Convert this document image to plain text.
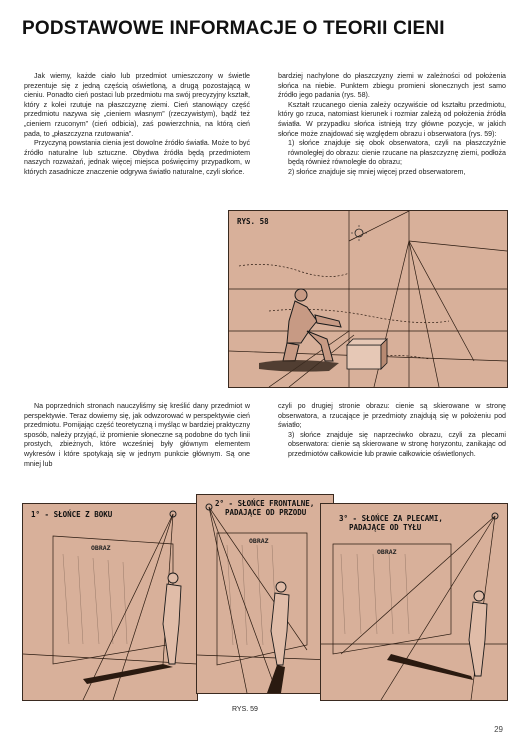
PODSTAWOWE INFORMACJE O TEORII CIENI

Jak wiemy, każde ciało lub przedmiot umieszczony w świetle prezentuje się z jedną częścią oświetloną, a drugą pozostającą w cieniu. Ponadto cień postaci lub przedmiotu ma swój precyzyjny kształt, który z kolei rzutuje na płaszczyznę ziemi. Cień stanowiący część przedmiotu nazywa się „cieniem własnym” (rzeczywistym), bądź też „cieniem rzuconym” (cień odbicia), zaś powierzchnia, na którą cień pada, to „płaszczyzna rzutowania”.

Przyczyną powstania cienia jest dowolne źródło światła. Może to być źródło naturalne lub sztuczne. Obydwa źródła będą przedmiotem naszych rozważań, jednak więcej miejsca poświęcimy przypadkom, w których zasadnicze znaczenie odgrywa światło naturalne, czyli słońce.

bardziej nachylone do płaszczyzny ziemi w zależności od położenia słońca na niebie. Punktem zbiegu promieni słonecznych jest samo źródło jego padania (rys. 58).

Kształt rzucanego cienia zależy oczywiście od kształtu przedmiotu, który go rzuca, natomiast kierunek i rozmiar zależą od położenia źródła światła. W przypadku słońca istnieją trzy główne pozycje, w jakich słońce może znajdować się względem obrazu i obserwatora (rys. 59):

1) słońce znajduje się obok obserwatora, czyli na płaszczyźnie równoległej do obrazu: cienie rzucane na płaszczyznę ziemi, podłoża będą również równoległe do obrazu;

2) słońce znajduje się mniej więcej przed obserwatorem,

RYS. 58

Na poprzednich stronach nauczyliśmy się kreślić dany przedmiot w perspektywie. Teraz dowiemy się, jak odwzorować w perspektywie cień przedmiotu. Pomijając część teoretyczną i myśląc w bardziej praktyczny sposób, należy przyjąć, iż promienie słoneczne są podobne do tych linii prostych, zbieżnych, które wcześniej były głównym elementem wykresów i które spotykają się w jednym punkcie głównym. Są one mniej lub

czyli po drugiej stronie obrazu: cienie są skierowane w stronę obserwatora, a rzucające je przedmioty znajdują się w położeniu pod światło;

3) słońce znajduje się naprzeciwko obrazu, czyli za plecami obserwatora: cienie są skierowane w stronę horyzontu, zanikając od przedmiotów całkowicie lub prawie całkowicie oświetlonych.

1° - SŁOŃCE Z BOKU
OBRAZ
2° - SŁOŃCE FRONTALNE,
PADAJĄCE OD PRZODU
OBRAZ
3° - SŁOŃCE ZA PLECAMI,
PADAJĄCE OD TYŁU
OBRAZ
RYS. 59
29
